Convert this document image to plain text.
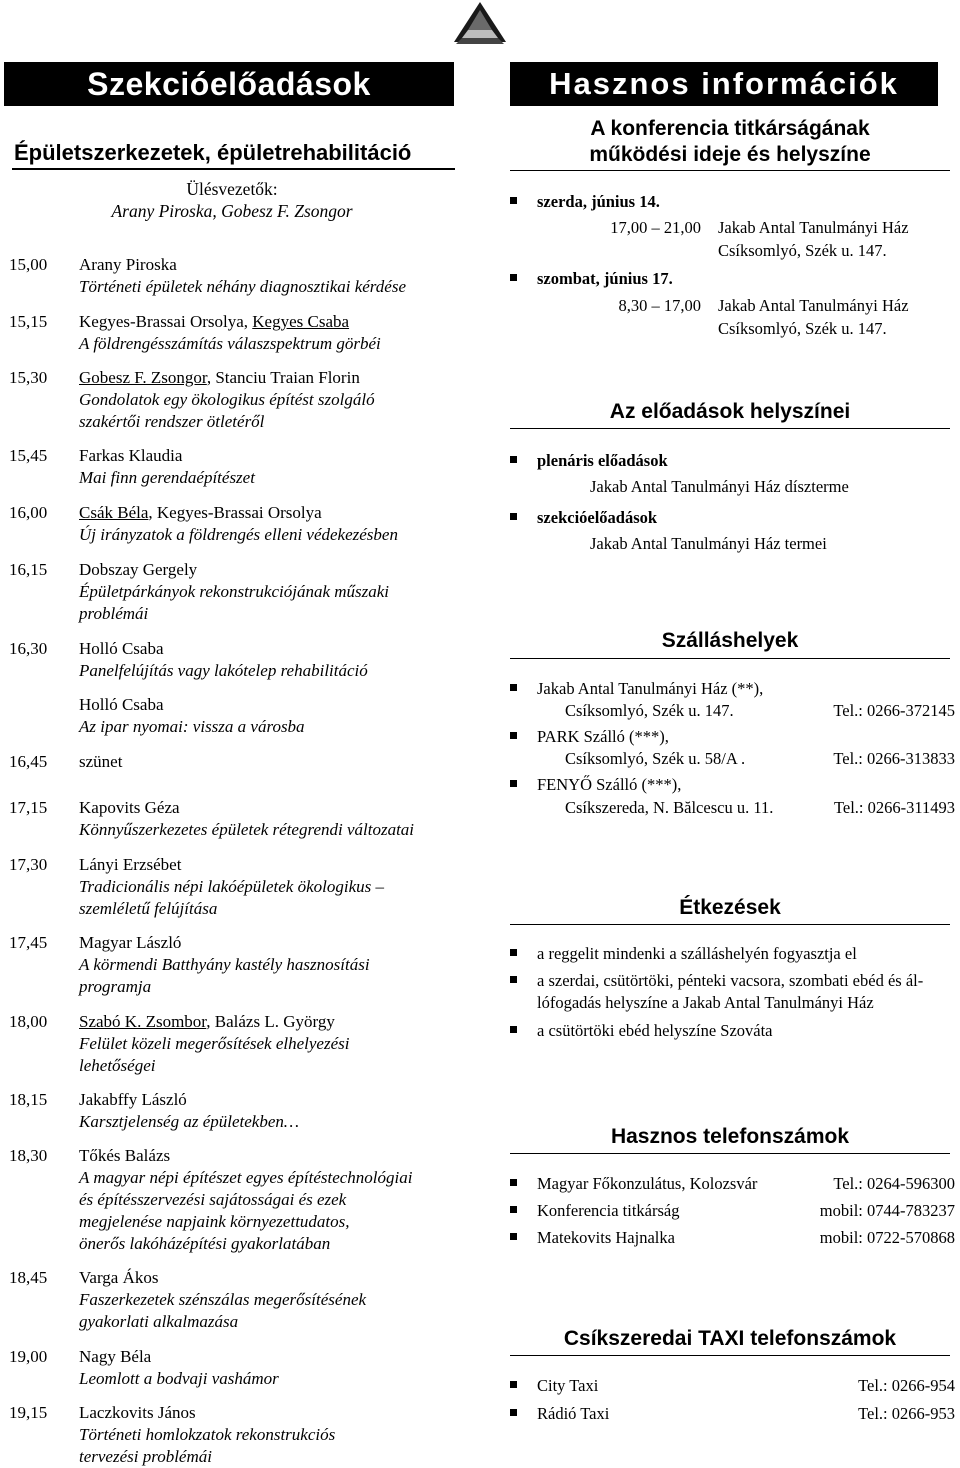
Szekcióelőadások
Épületszerkezetek, épületrehabilitáció
Ülésvezetők:
Arany Piroska, Gobesz F. Zsongor
15,00	Arany Piroska
Történeti épületek néhány diagnosztikai kérdése
15,15	Kegyes-Brassai Orsolya, Kegyes Csaba
A földrengésszámítás válaszspektrum görbéi
15,30	Gobesz F. Zsongor, Stanciu Traian Florin
Gondolatok egy ökologikus építést szolgáló
szakértői rendszer ötletéről
15,45	Farkas Klaudia
Mai finn gerendaépítészet
16,00	Csák Béla, Kegyes-Brassai Orsolya
Új irányzatok a földrengés elleni védekezésben
16,15	Dobszay Gergely
Épületpárkányok rekonstrukciójának műszaki
problémái
16,30	Holló Csaba
Panelfelújítás vagy lakótelep rehabilitáció
Holló Csaba
Az ipar nyomai: vissza a városba
16,45	szünet
17,15	Kapovits Géza
Könnyűszerkezetes épületek rétegrendi változatai
17,30	Lányi Erzsébet
Tradicionális népi lakóépületek ökologikus –
szemléletű felújítása
17,45	Magyar László
A körmendi Batthyány kastély hasznosítási
programja
18,00	Szabó K. Zsombor, Balázs L. György
Felület közeli megerősítések elhelyezési
lehetőségei
18,15	Jakabffy László
Karsztjelenség az épületekben…
18,30	Tőkés Balázs
A magyar népi építészet egyes építéstechnológiai
és építésszervezési sajátosságai és ezek
megjelenése napjaink környezettudatos,
önerős lakóházépítési gyakorlatában
18,45	Varga Ákos
Faszerkezetek szénszálas megerősítésének
gyakorlati alkalmazása
19,00	Nagy Béla
Leomlott a bodvaji vashámor
19,15	Laczkovits János
Történeti homlokzatok rekonstrukciós
tervezési problémái
Hasznos információk
A konferencia titkárságának
működési ideje és helyszíne
szerda, június 14.
17,00 – 21,00 Jakab Antal Tanulmányi Ház
Csíksomlyó, Szék u. 147.
szombat, június 17.
8,30 – 17,00 Jakab Antal Tanulmányi Ház
Csíksomlyó, Szék u. 147.
Az előadások helyszínei
plenáris előadások
Jakab Antal Tanulmányi Ház díszterme
szekcióelőadások
Jakab Antal Tanulmányi Ház termei
Szálláshelyek
Jakab Antal Tanulmányi Ház (**),
Csíksomlyó, Szék u. 147.	Tel.: 0266-372145
PARK Szálló (***),
Csíksomlyó, Szék u. 58/A .	Tel.: 0266-313833
FENYŐ Szálló (***),
Csíkszereda, N. Bălcescu u. 11.	Tel.: 0266-311493
Étkezések
a reggelit mindenki a szálláshelyén fogyasztja el
a szerdai, csütörtöki, pénteki vacsora, szombati ebéd és ál-
lófogadás helyszíne a Jakab Antal Tanulmányi Ház
a csütörtöki ebéd helyszíne Szováta
Hasznos telefonszámok
Magyar Főkonzulátus, Kolozsvár	Tel.: 0264-596300
Konferencia titkárság	mobil: 0744-783237
Matekovits Hajnalka	mobil: 0722-570868
Csíkszeredai TAXI telefonszámok
City Taxi	Tel.: 0266-954
Rádió Taxi	Tel.: 0266-953
